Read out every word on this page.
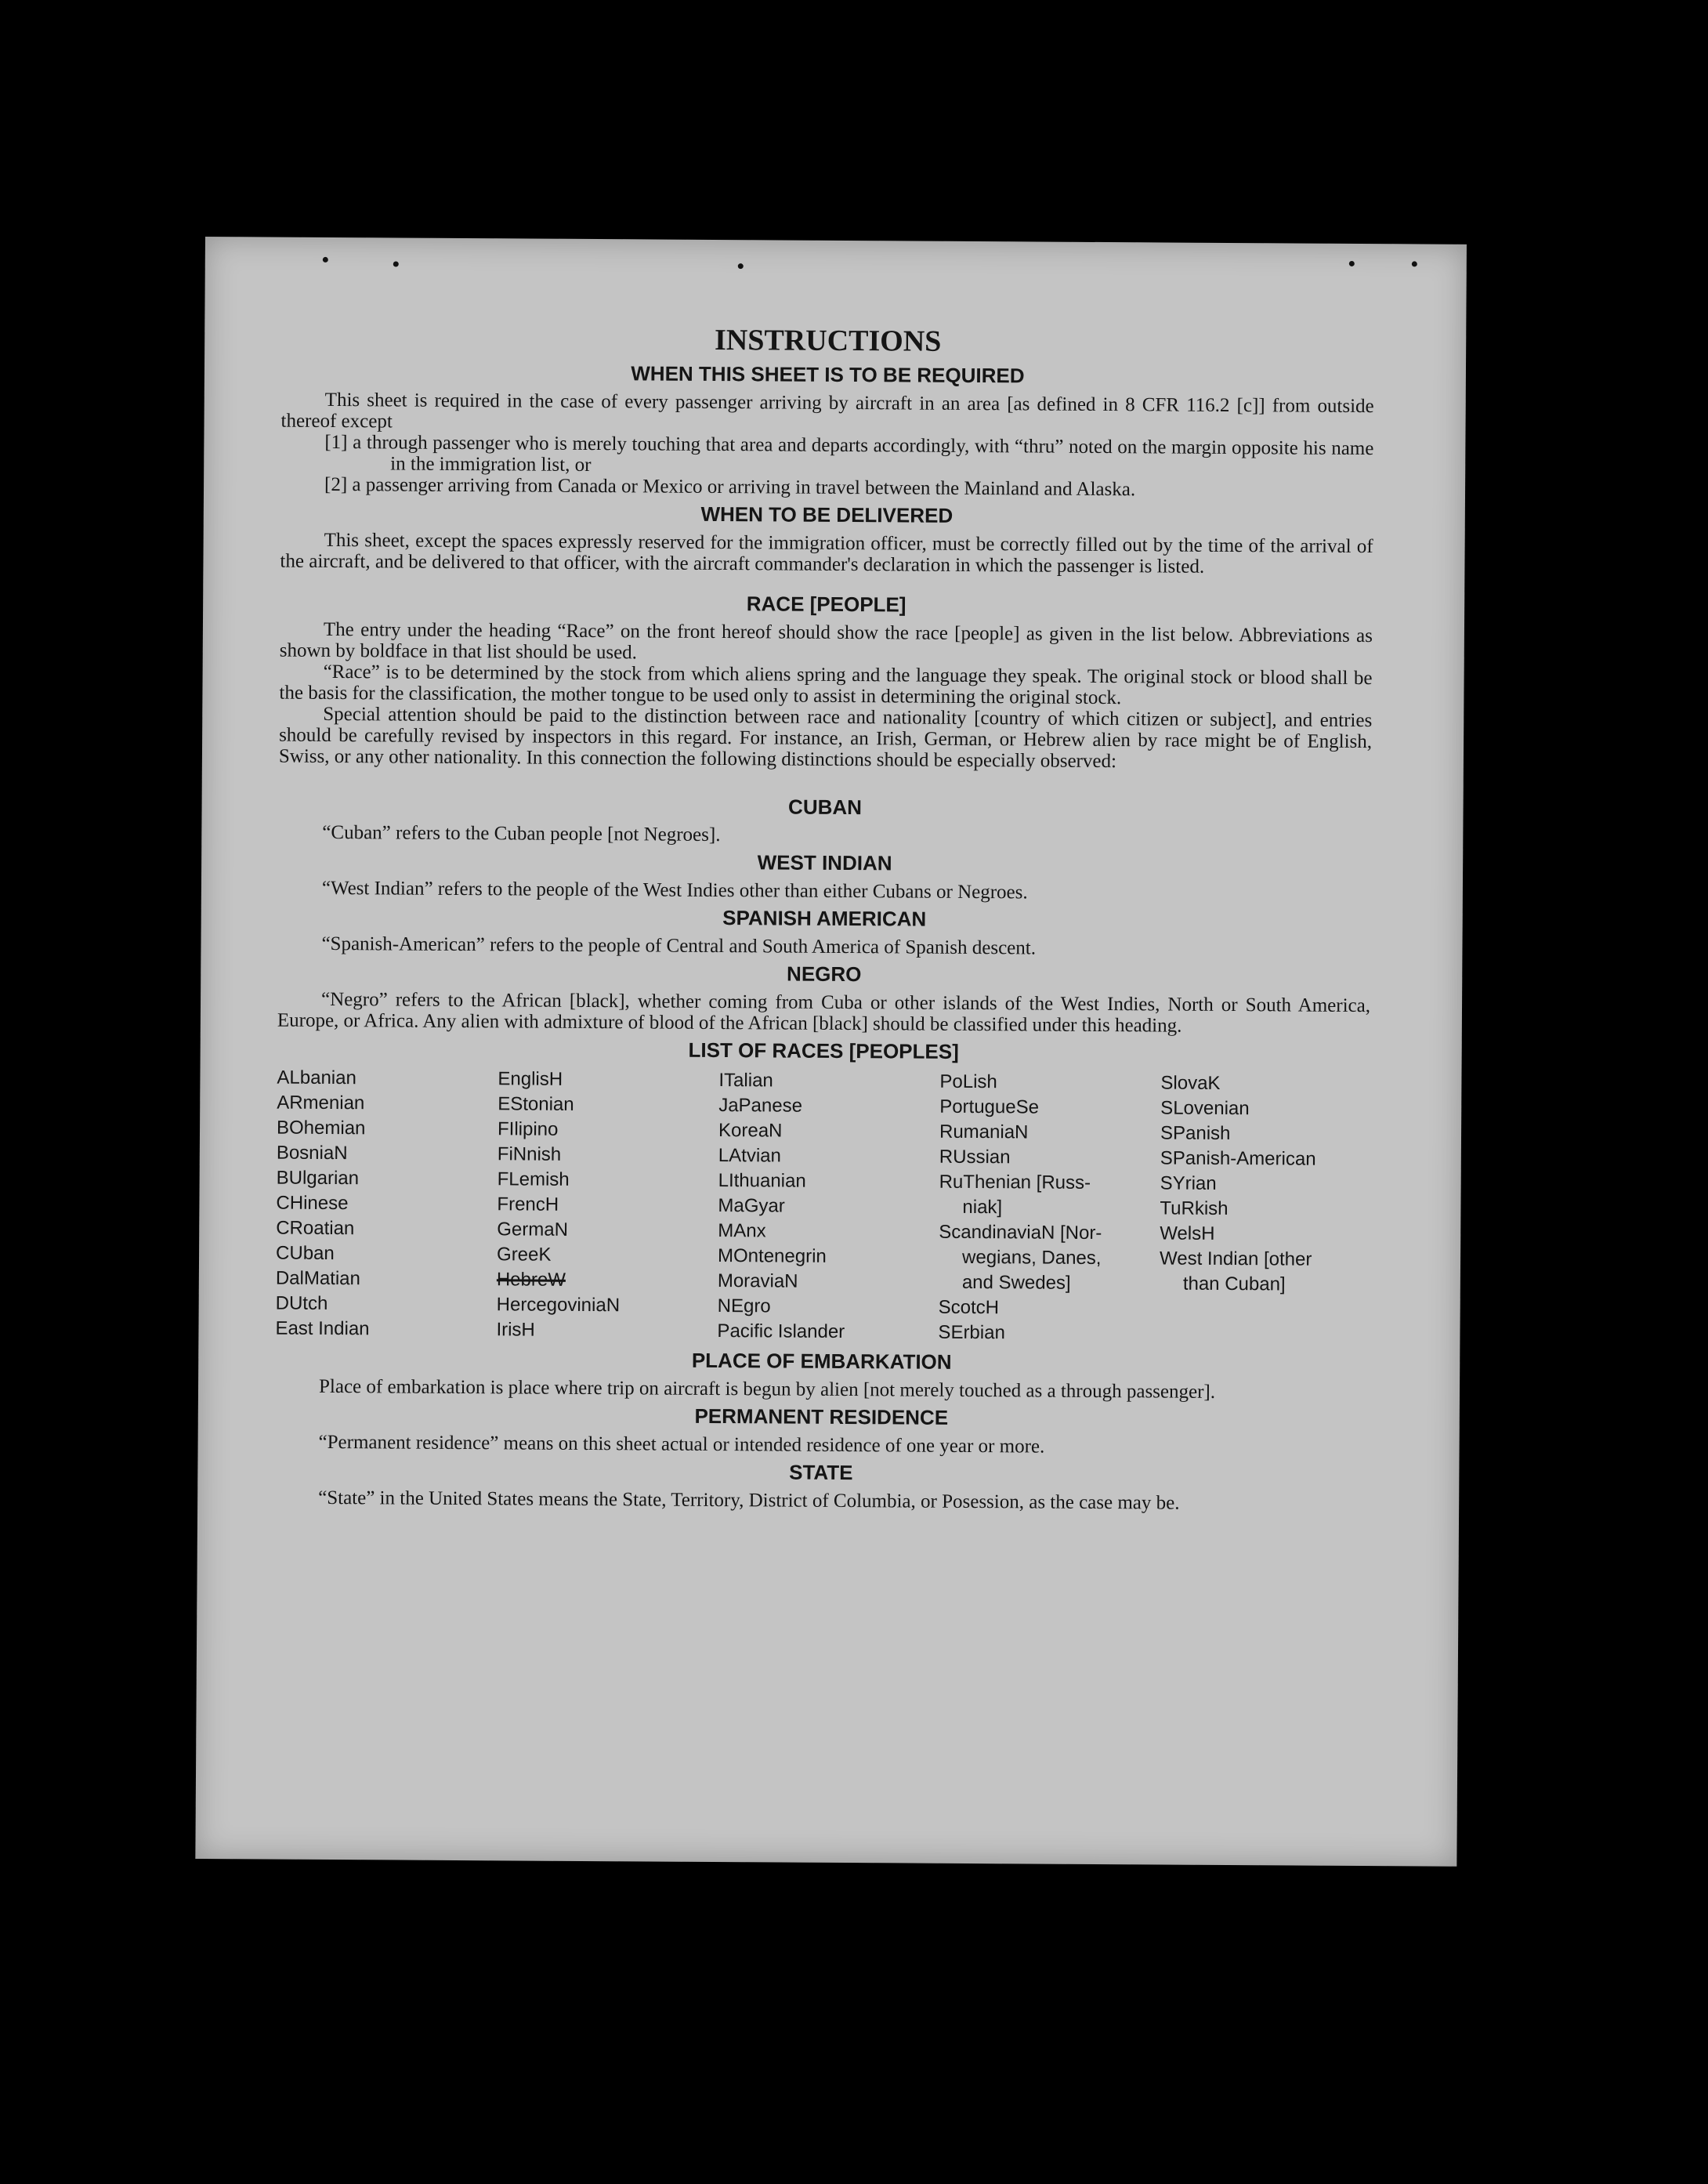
INSTRUCTIONS
WHEN THIS SHEET IS TO BE REQUIRED

This sheet is required in the case of every passenger arriving by aircraft in an area [as defined in 8 CFR 116.2 [c]] from outside thereof except

[1] a through passenger who is merely touching that area and departs accordingly, with “thru” noted on the margin opposite his name in the immigration list, or

[2] a passenger arriving from Canada or Mexico or arriving in travel between the Mainland and Alaska.

WHEN TO BE DELIVERED

This sheet, except the spaces expressly reserved for the immigration officer, must be correctly filled out by the time of the arrival of the aircraft, and be delivered to that officer, with the aircraft commander's declaration in which the passenger is listed.

RACE [PEOPLE]

The entry under the heading “Race” on the front hereof should show the race [people] as given in the list below. Abbreviations as shown by boldface in that list should be used.

“Race” is to be determined by the stock from which aliens spring and the language they speak. The original stock or blood shall be the basis for the classification, the mother tongue to be used only to assist in determining the original stock.

Special attention should be paid to the distinction between race and nationality [country of which citizen or subject], and entries should be carefully revised by inspectors in this regard. For instance, an Irish, German, or Hebrew alien by race might be of English, Swiss, or any other nationality. In this connection the following distinctions should be especially observed:

CUBAN

“Cuban” refers to the Cuban people [not Negroes].

WEST INDIAN

“West Indian” refers to the people of the West Indies other than either Cubans or Negroes.

SPANISH AMERICAN

“Spanish-American” refers to the people of Central and South America of Spanish descent.

NEGRO

“Negro” refers to the African [black], whether coming from Cuba or other islands of the West Indies, North or South America, Europe, or Africa. Any alien with admixture of blood of the African [black] should be classified under this heading.

LIST OF RACES [PEOPLES]
ALbanian
ARmenian
BOhemian
BosniaN
BUlgarian
CHinese
CRoatian
CUban
DalMatian
DUtch
East Indian
EnglisH
EStonian
FIlipino
FiNnish
FLemish
FrencH
GermaN
GreeK
HebreW
HercegoviniaN
IrisH
ITalian
JaPanese
KoreaN
LAtvian
LIthuanian
MaGyar
MAnx
MOntenegrin
MoraviaN
NEgro
Pacific Islander
PoLish
PortugueSe
RumaniaN
RUssian
RuThenian [Russ-
niak]
ScandinaviaN [Nor-
wegians, Danes,
and Swedes]
ScotcH
SErbian
SlovaK
SLovenian
SPanish
SPanish-American
SYrian
TuRkish
WelsH
West Indian [other
than Cuban]
PLACE OF EMBARKATION

Place of embarkation is place where trip on aircraft is begun by alien [not merely touched as a through passenger].

PERMANENT RESIDENCE

“Permanent residence” means on this sheet actual or intended residence of one year or more.

STATE

“State” in the United States means the State, Territory, District of Columbia, or Posession, as the case may be.
